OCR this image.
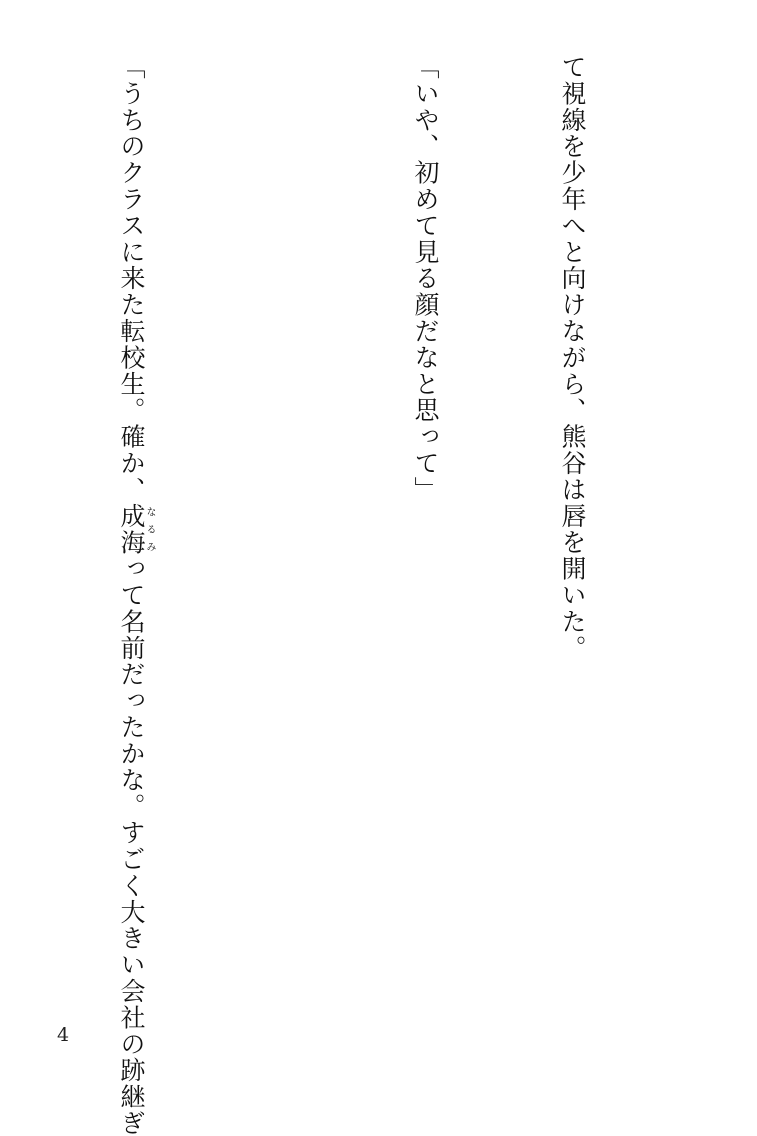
て視線を少年へと向けながら、熊谷は唇を開いた。

「いや、初めて見る顔だなと思って」

「うちのクラスに来た転校生。確か、成海なるみって名前だったかな。すごく大きい会社の跡継ぎ

4
